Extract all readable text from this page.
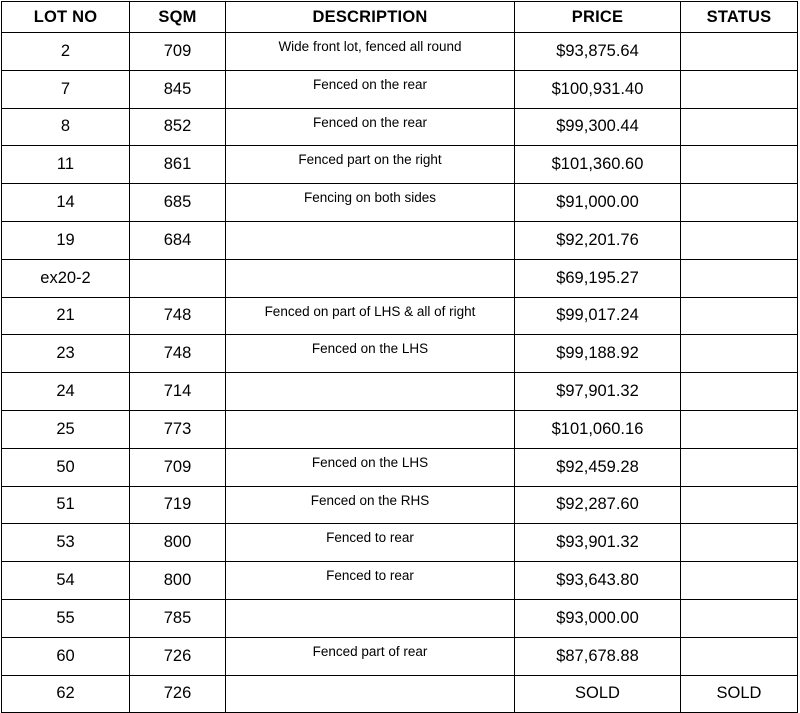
LOT NO	SQM	DESCRIPTION	PRICE	STATUS
2	709	Wide front lot, fenced all round	$93,875.64	
7	845	Fenced on the rear	$100,931.40	
8	852	Fenced on the rear	$99,300.44	
11	861	Fenced part on the right	$101,360.60	
14	685	Fencing on both sides	$91,000.00	
19	684		$92,201.76	
ex20-2			$69,195.27	
21	748	Fenced on part of LHS & all of right	$99,017.24	
23	748	Fenced on the LHS	$99,188.92	
24	714		$97,901.32	
25	773		$101,060.16	
50	709	Fenced on the LHS	$92,459.28	
51	719	Fenced on the RHS	$92,287.60	
53	800	Fenced to rear	$93,901.32	
54	800	Fenced to rear	$93,643.80	
55	785		$93,000.00	
60	726	Fenced part of rear	$87,678.88	
62	726		SOLD	SOLD
